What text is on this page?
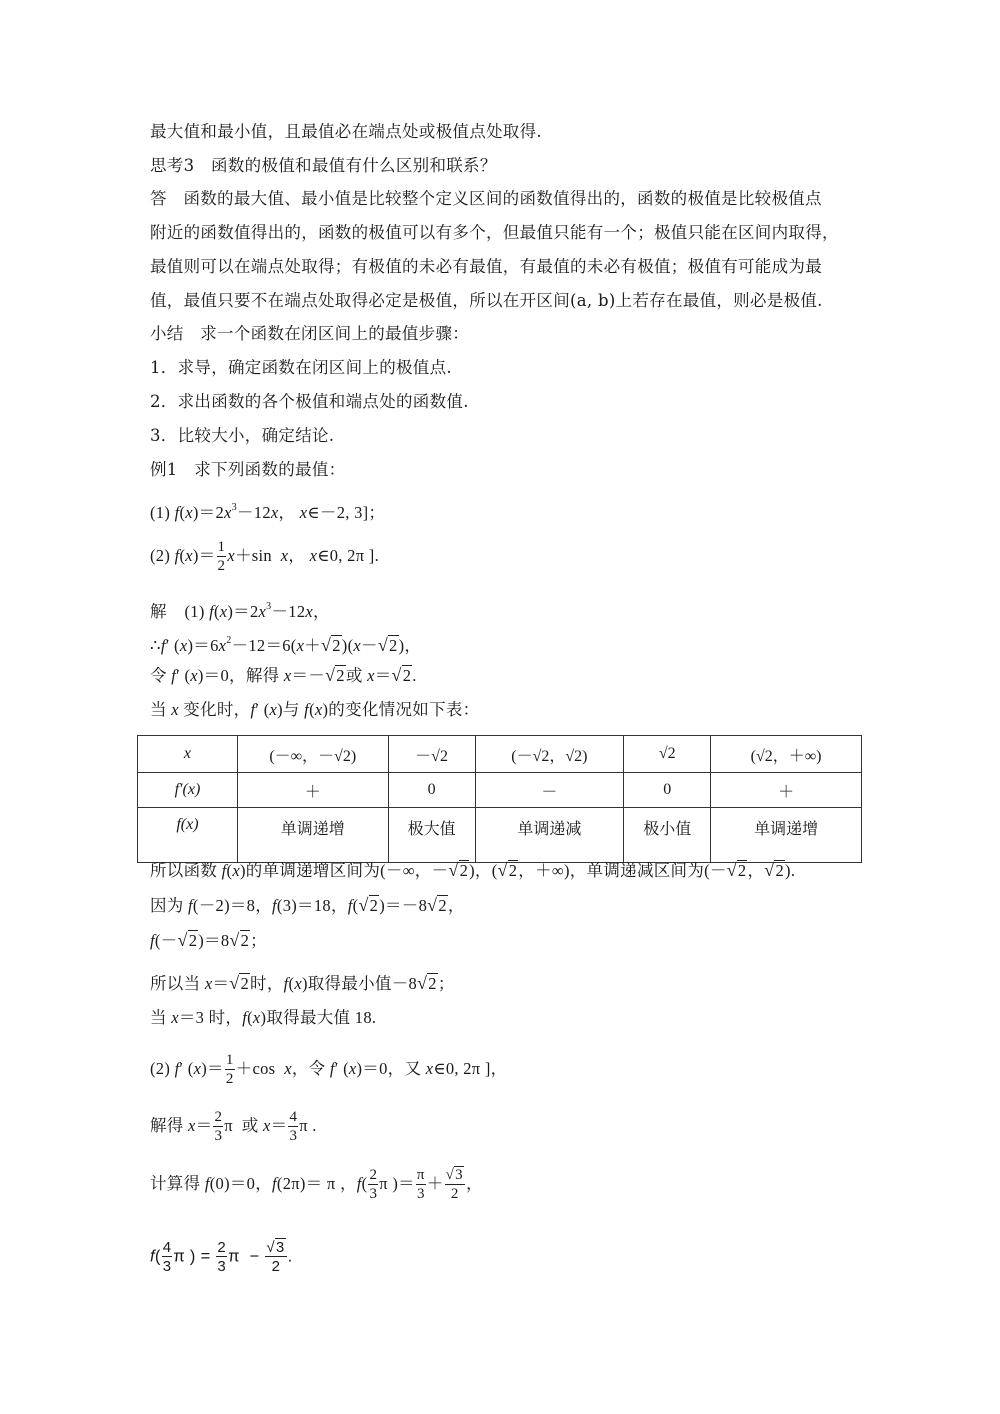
最大值和最小值，且最值必在端点处或极值点处取得.
思考3 函数的极值和最值有什么区别和联系？
答 函数的最大值、最小值是比较整个定义区间的函数值得出的，函数的极值是比较极值点
附近的函数值得出的，函数的极值可以有多个，但最值只能有一个；极值只能在区间内取得，
最值则可以在端点处取得；有极值的未必有最值，有最值的未必有极值；极值有可能成为最
值，最值只要不在端点处取得必定是极值，所以在开区间(a, b)上若存在最值，则必是极值.
小结 求一个函数在闭区间上的最值步骤：
1．求导，确定函数在闭区间上的极值点.
2．求出函数的各个极值和端点处的函数值.
3．比较大小，确定结论.
例1 求下列函数的最值：
(1) $f(x)=2x^3-12x$， x∈－2, 3]；
(2) $f(x)= \frac{1}{2} x+\sin$  x， x∈0, 2π ].
解    (1) $f(x)=2x^3-12x$，
∴f′ $(x)=6x^2-12=6(x+√2)(x-√2)$，
令 f′ (x)＝0，解得 x＝－√2或 x＝√2.
当 x 变化时，f′ (x)与 f(x)的变化情况如下表：
x	(－∞，－√2)	－√2	(－√2，√2)	√2	(√2，＋∞)
f′(x)	＋	0	－	0	＋
f(x)	单调递增	极大值	单调递减	极小值	单调递增
所以函数 f(x)的单调递增区间为(－∞，－√2)，(√2，＋∞)，单调递减区间为(－√2，√2).
因为 f(－2)＝8，f(3)＝18，f(√2)＝－8√2，
f(－√2)＝8√2；
所以当 x＝√2时，f(x)取得最小值－8√2；
当 x＝3 时，f(x)取得最大值 18.
(2) f′ $(x)= \frac{1}{2} +\cos$  x，令 f′ (x)＝0，又 x∈0, 2π ]，
解得 $x= \frac{2}{3}$ π  或 $x= \frac{4}{3}$ π .
计算得 f(0)＝0，f(2π)＝ π ，$f( \frac{2}{3}$ π )＝ $\frac{\pi}{3} + \frac{√3}{2}$ ，
$f( \frac{4}{3}$ π ) = $\frac{2}{3}$ $\pi - \frac{√3}{2}$ .
